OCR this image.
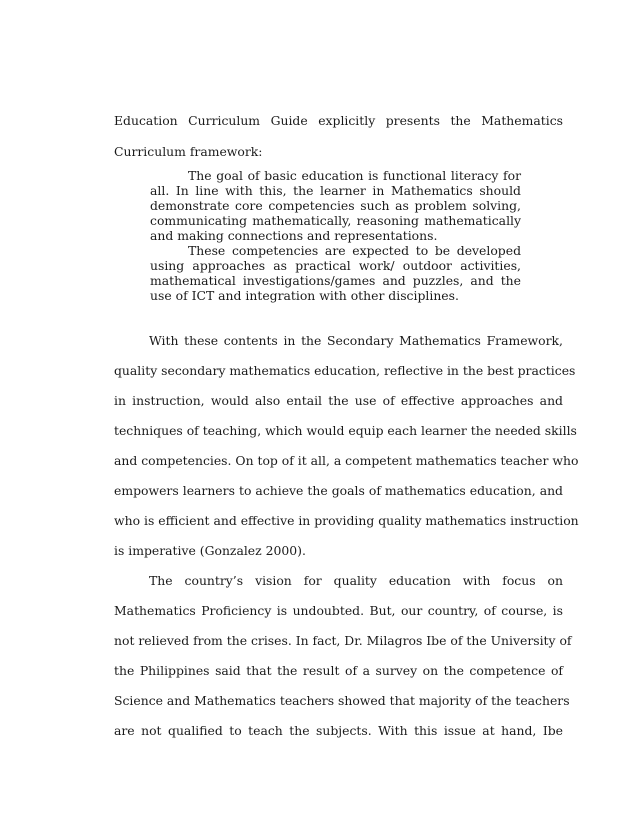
Education Curriculum Guide explicitly presents the Mathematics

Curriculum framework:

The goal of basic education is functional literacy for

all. In line with this, the learner in Mathematics should

demonstrate core competencies such as problem solving,

communicating mathematically, reasoning mathematically

and making connections and representations.

These competencies are expected to be developed

using approaches as practical work/ outdoor activities,

mathematical investigations/games and puzzles, and the

use of ICT and integration with other disciplines.

With these contents in the Secondary Mathematics Framework,

quality secondary mathematics education, reflective in the best practices

in instruction, would also entail the use of effective approaches and

techniques of teaching, which would equip each learner the needed skills

and competencies. On top of it all, a competent mathematics teacher who

empowers learners to achieve the goals of mathematics education, and

who is efficient and effective in providing quality mathematics instruction

is imperative (Gonzalez 2000).

The country’s vision for quality education with focus on

Mathematics Proficiency is undoubted. But, our country, of course, is

not relieved from the crises. In fact, Dr. Milagros Ibe of the University of

the Philippines said that the result of a survey on the competence of

Science and Mathematics teachers showed that majority of the teachers

are not qualified to teach the subjects. With this issue at hand, Ibe
